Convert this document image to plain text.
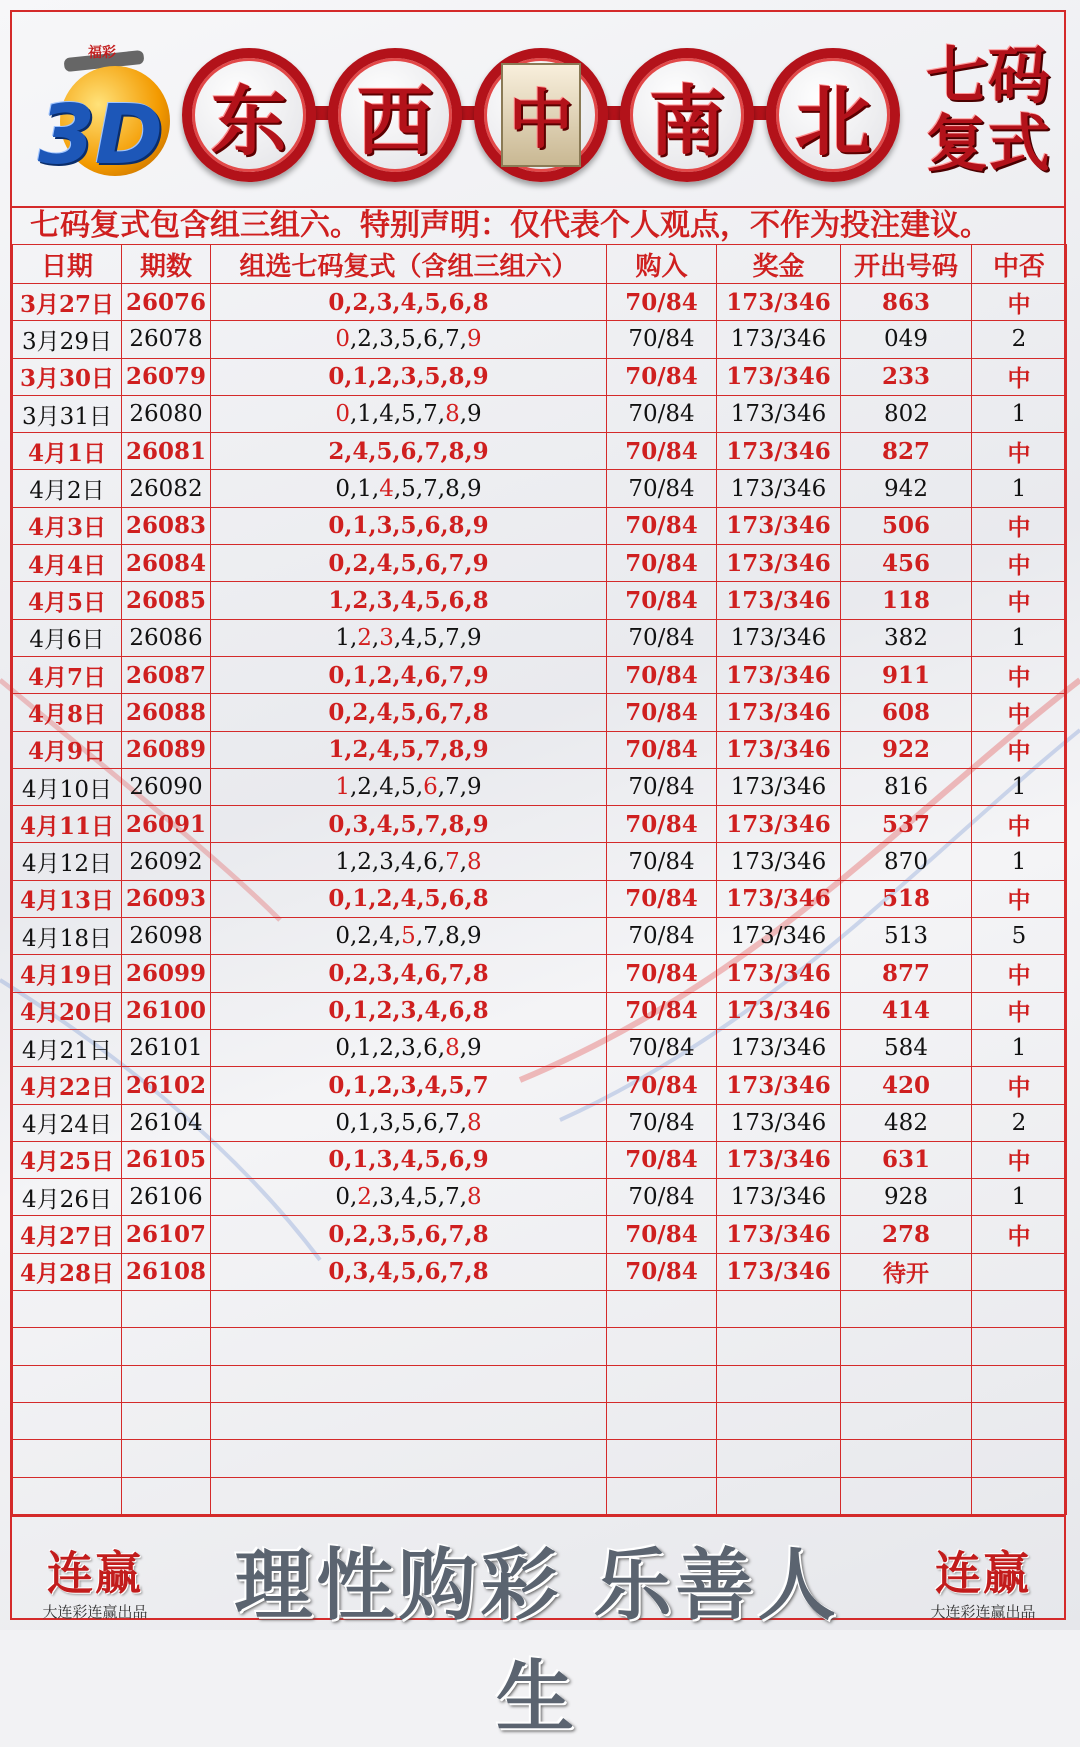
福彩
3D 东 西 中 南 北
七码
复式
七码复式包含组三组六。特别声明：仅代表个人观点，不作为投注建议。
日期	期数	组选七码复式（含组三组六）	购入	奖金	开出号码	中否
3月27日	26076	0,2,3,4,5,6,8	70/84	173/346	863	中
3月29日	26078	0,2,3,5,6,7,9	70/84	173/346	049	2
3月30日	26079	0,1,2,3,5,8,9	70/84	173/346	233	中
3月31日	26080	0,1,4,5,7,8,9	70/84	173/346	802	1
4月1日	26081	2,4,5,6,7,8,9	70/84	173/346	827	中
4月2日	26082	0,1,4,5,7,8,9	70/84	173/346	942	1
4月3日	26083	0,1,3,5,6,8,9	70/84	173/346	506	中
4月4日	26084	0,2,4,5,6,7,9	70/84	173/346	456	中
4月5日	26085	1,2,3,4,5,6,8	70/84	173/346	118	中
4月6日	26086	1,2,3,4,5,7,9	70/84	173/346	382	1
4月7日	26087	0,1,2,4,6,7,9	70/84	173/346	911	中
4月8日	26088	0,2,4,5,6,7,8	70/84	173/346	608	中
4月9日	26089	1,2,4,5,7,8,9	70/84	173/346	922	中
4月10日	26090	1,2,4,5,6,7,9	70/84	173/346	816	1
4月11日	26091	0,3,4,5,7,8,9	70/84	173/346	537	中
4月12日	26092	1,2,3,4,6,7,8	70/84	173/346	870	1
4月13日	26093	0,1,2,4,5,6,8	70/84	173/346	518	中
4月18日	26098	0,2,4,5,7,8,9	70/84	173/346	513	5
4月19日	26099	0,2,3,4,6,7,8	70/84	173/346	877	中
4月20日	26100	0,1,2,3,4,6,8	70/84	173/346	414	中
4月21日	26101	0,1,2,3,6,8,9	70/84	173/346	584	1
4月22日	26102	0,1,2,3,4,5,7	70/84	173/346	420	中
4月24日	26104	0,1,3,5,6,7,8	70/84	173/346	482	2
4月25日	26105	0,1,3,4,5,6,9	70/84	173/346	631	中
4月26日	26106	0,2,3,4,5,7,8	70/84	173/346	928	1
4月27日	26107	0,2,3,5,6,7,8	70/84	173/346	278	中
4月28日	26108	0,3,4,5,6,7,8	70/84	173/346	待开	

连赢
大连彩连赢出品 理性购彩 乐善人生
连赢
大连彩连赢出品
